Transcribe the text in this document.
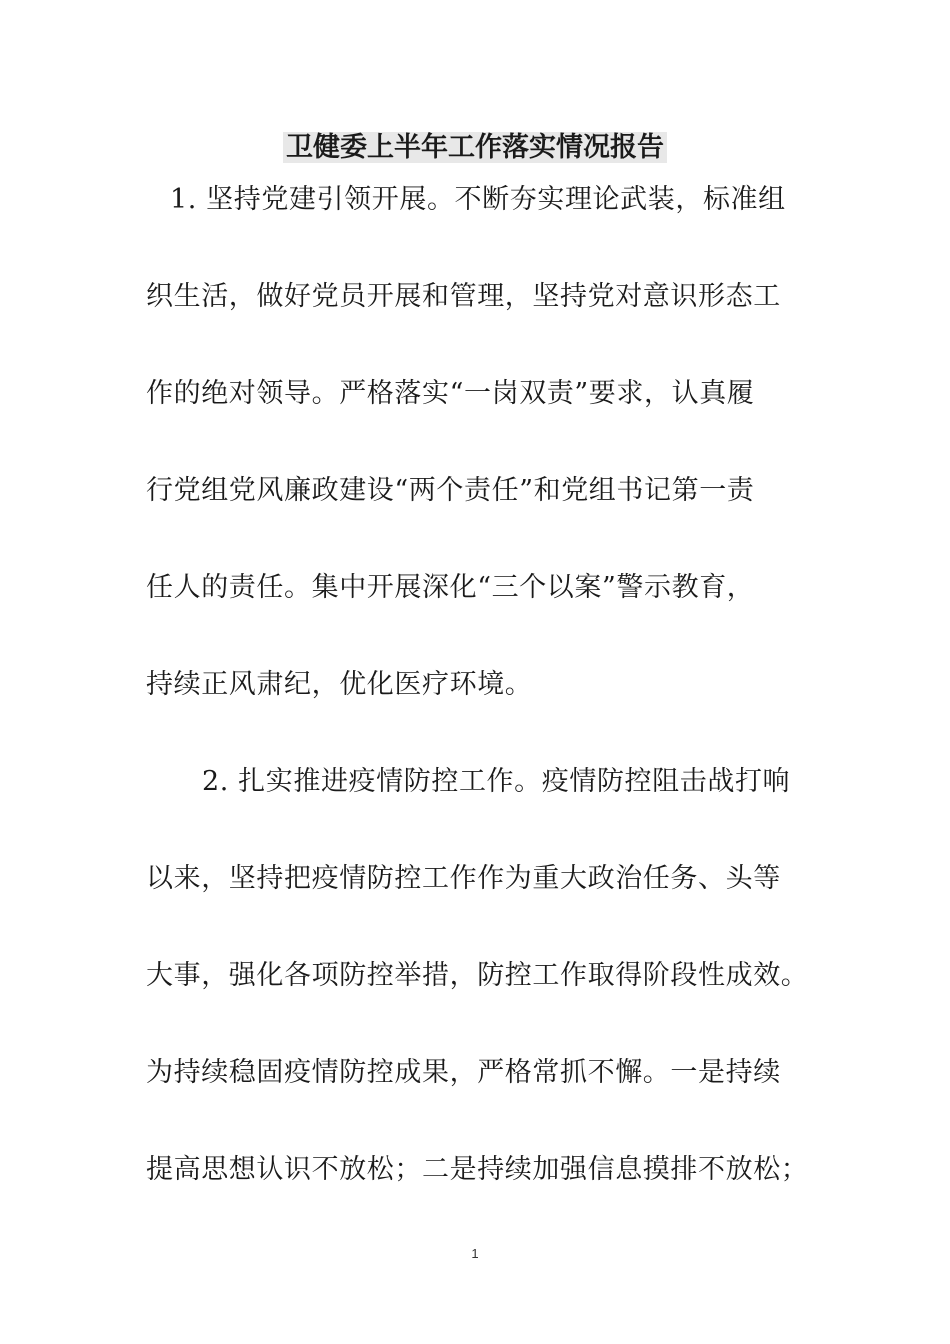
卫健委上半年工作落实情况报告

1. 坚持党建引领开展。不断夯实理论武装，标准组

织生活，做好党员开展和管理，坚持党对意识形态工

作的绝对领导。严格落实“一岗双责”要求，认真履

行党组党风廉政建设“两个责任”和党组书记第一责

任人的责任。集中开展深化“三个以案”警示教育，

持续正风肃纪，优化医疗环境。

2. 扎实推进疫情防控工作。疫情防控阻击战打响

以来，坚持把疫情防控工作作为重大政治任务、头等

大事，强化各项防控举措，防控工作取得阶段性成效。

为持续稳固疫情防控成果，严格常抓不懈。一是持续

提高思想认识不放松；二是持续加强信息摸排不放松；

1
